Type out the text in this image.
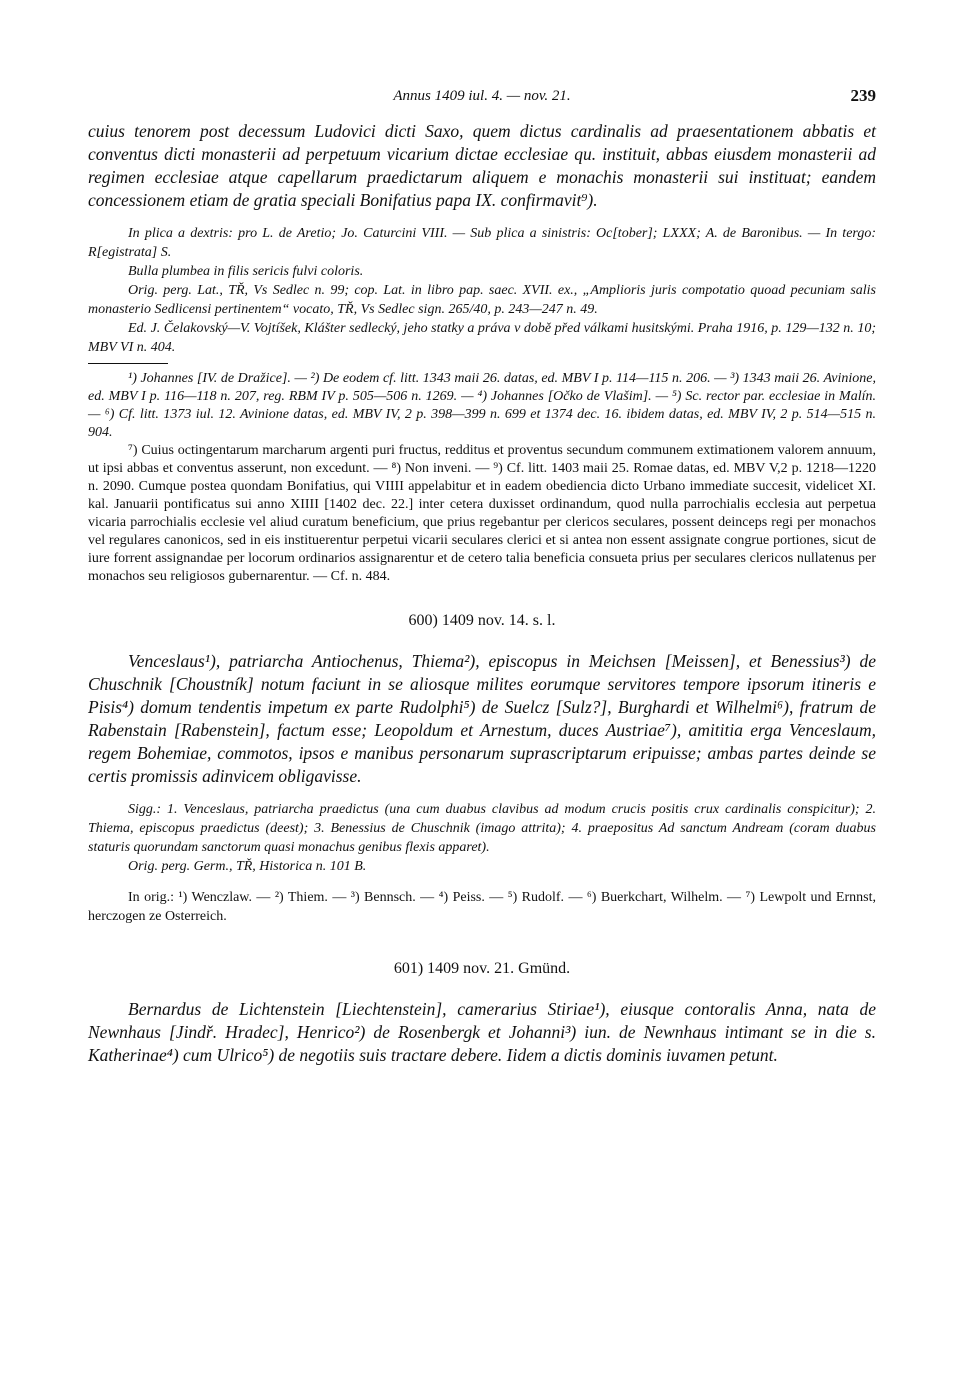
Annus 1409 iul. 4. — nov. 21.	239

cuius tenorem post decessum Ludovici dicti Saxo, quem dictus cardinalis ad praesentationem abbatis et conventus dicti monasterii ad perpetuum vicarium dictae ecclesiae qu. instituit, abbas eiusdem monasterii ad regimen ecclesiae atque capellarum praedictarum aliquem e monachis monasterii sui instituat; eandem concessionem etiam de gratia speciali Bonifatius papa IX. confirmavit⁹).

In plica a dextris: pro L. de Aretio; Jo. Caturcini VIII. — Sub plica a sinistris: Oc[tober]; LXXX; A. de Baronibus. — In tergo: R[egistrata] S.

Bulla plumbea in filis sericis fulvi coloris.

Orig. perg. Lat., TŘ, Vs Sedlec n. 99; cop. Lat. in libro pap. saec. XVII. ex., „Amplioris juris compotatio quoad pecuniam salis monasterio Sedlicensi pertinentem“ vocato, TŘ, Vs Sedlec sign. 265/40, p. 243—247 n. 49.

Ed. J. Čelakovský—V. Vojtíšek, Klášter sedlecký, jeho statky a práva v době před válkami husitskými. Praha 1916, p. 129—132 n. 10; MBV VI n. 404.

¹) Johannes [IV. de Dražice]. — ²) De eodem cf. litt. 1343 maii 26. datas, ed. MBV I p. 114—115 n. 206. — ³) 1343 maii 26. Avinione, ed. MBV I p. 116—118 n. 207, reg. RBM IV p. 505—506 n. 1269. — ⁴) Johannes [Očko de Vlašim]. — ⁵) Sc. rector par. ecclesiae in Malín. — ⁶) Cf. litt. 1373 iul. 12. Avinione datas, ed. MBV IV, 2 p. 398—399 n. 699 et 1374 dec. 16. ibidem datas, ed. MBV IV, 2 p. 514—515 n. 904.

⁷) Cuius octingentarum marcharum argenti puri fructus, redditus et proventus secundum communem extimationem valorem annuum, ut ipsi abbas et conventus asserunt, non excedunt. — ⁸) Non inveni. — ⁹) Cf. litt. 1403 maii 25. Romae datas, ed. MBV V,2 p. 1218—1220 n. 2090. Cumque postea quondam Bonifatius, qui VIIII appelabitur et in eadem obediencia dicto Urbano immediate succesit, videlicet XI. kal. Januarii pontificatus sui anno XIIII [1402 dec. 22.] inter cetera duxisset ordinandum, quod nulla parrochialis ecclesia aut perpetua vicaria parrochialis ecclesie vel aliud curatum beneficium, que prius regebantur per clericos seculares, possent deinceps regi per monachos vel regulares canonicos, sed in eis instituerentur perpetui vicarii seculares clerici et si antea non essent assignate congrue portiones, sicut de iure forrent assignandae per locorum ordinarios assignarentur et de cetero talia beneficia consueta prius per seculares clericos nullatenus per monachos seu religiosos gubernarentur. — Cf. n. 484.

600) 1409 nov. 14. s. l.

Venceslaus¹), patriarcha Antiochenus, Thiema²), episcopus in Meichsen [Meissen], et Benessius³) de Chuschnik [Choustník] notum faciunt in se aliosque milites eorumque servitores tempore ipsorum itineris e Pisis⁴) domum tendentis impetum ex parte Rudolphi⁵) de Suelcz [Sulz?], Burghardi et Wilhelmi⁶), fratrum de Rabenstain [Rabenstein], factum esse; Leopoldum et Arnestum, duces Austriae⁷), amititia erga Venceslaum, regem Bohemiae, commotos, ipsos e manibus personarum suprascriptarum eripuisse; ambas partes deinde se certis promissis adinvicem obligavisse.

Sigg.: 1. Venceslaus, patriarcha praedictus (una cum duabus clavibus ad modum crucis positis crux cardinalis conspicitur); 2. Thiema, episcopus praedictus (deest); 3. Benessius de Chuschnik (imago attrita); 4. praepositus Ad sanctum Andream (coram duabus staturis quorundam sanctorum quasi monachus genibus flexis apparet).

Orig. perg. Germ., TŘ, Historica n. 101 B.

In orig.: ¹) Wenczlaw. — ²) Thiem. — ³) Bennsch. — ⁴) Peiss. — ⁵) Rudolf. — ⁶) Buerkchart, Wilhelm. — ⁷) Lewpolt und Ernnst, herczogen ze Osterreich.

601) 1409 nov. 21. Gmünd.

Bernardus de Lichtenstein [Liechtenstein], camerarius Stiriae¹), eiusque contoralis Anna, nata de Newnhaus [Jindř. Hradec], Henrico²) de Rosenbergk et Johanni³) iun. de Newnhaus intimant se in die s. Katherinae⁴) cum Ulrico⁵) de negotiis suis tractare debere. Iidem a dictis dominis iuvamen petunt.
